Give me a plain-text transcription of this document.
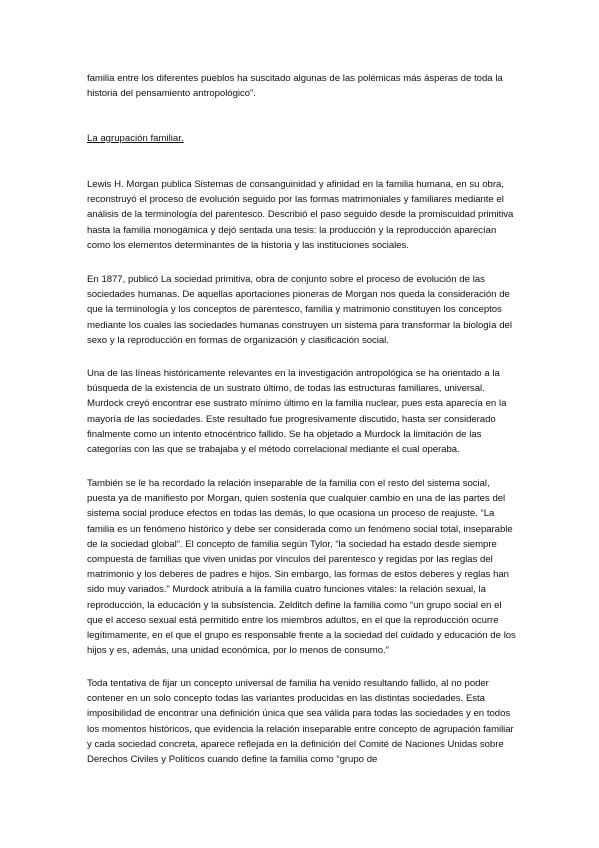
familia entre los diferentes pueblos ha suscitado algunas de las polémicas más ásperas de toda la historia del pensamiento antropológico”.

La agrupación familiar.

Lewis H. Morgan publica Sistemas de consanguinidad y afinidad en la familia humana, en su obra, reconstruyó el proceso de evolución seguido por las formas matrimoniales y familiares mediante el análisis de la terminología del parentesco. Describió el paso seguido desde la promiscuidad primitiva hasta la familia monogámica y dejó sentada una tesis: la producción y la reproducción aparecían como los elementos determinantes de la historia y las instituciones sociales.

En 1877, publicó La sociedad primitiva, obra de conjunto sobre el proceso de evolución de las sociedades humanas. De aquellas aportaciones pioneras de Morgan nos queda la consideración de que la terminología y los conceptos de parentesco, familia y matrimonio constituyen los conceptos mediante los cuales las sociedades humanas construyen un sistema para transformar la biología del sexo y la reproducción en formas de organización y clasificación social.

Una de las líneas históricamente relevantes en la investigación antropológica se ha orientado a la búsqueda de la existencia de un sustrato último, de todas las estructuras familiares, universal. Murdock creyó encontrar ese sustrato mínimo último en la familia nuclear, pues esta aparecía en la mayoría de las sociedades. Este resultado fue progresivamente discutido, hasta ser considerado finalmente como un intento etnocéntrico fallido. Se ha objetado a Murdock la limitación de las categorías con las que se trabajaba y el método correlacional mediante el cual operaba.

También se le ha recordado la relación inseparable de la familia con el resto del sistema social, puesta ya de manifiesto por Morgan, quien sostenía que cualquier cambio en una de las partes del sistema social produce efectos en todas las demás, lo que ocasiona un proceso de reajuste. “La familia es un fenómeno histórico y debe ser considerada como un fenómeno social total, inseparable de la sociedad global”. El concepto de familia según Tylor, “la sociedad ha estado desde siempre compuesta de familias que viven unidas por vínculos del parentesco y regidas por las reglas del matrimonio y los deberes de padres e hijos. Sin embargo, las formas de estos deberes y reglas han sido muy variados.” Murdock atribuía a la familia cuatro funciones vitales: la relación sexual, la reproducción, la educación y la subsistencia. Zelditch define la familia como “un grupo social en el que el acceso sexual está permitido entre los miembros adultos, en el que la reproducción ocurre legítimamente, en el que el grupo es responsable frente a la sociedad del cuidado y educación de los hijos y es, además, una unidad económica, por lo menos de consumo.”

Toda tentativa de fijar un concepto universal de familia ha venido resultando fallido, al no poder contener en un solo concepto todas las variantes producidas en las distintas sociedades. Esta imposibilidad de encontrar una definición única que sea válida para todas las sociedades y en todos los momentos históricos, que evidencia la relación inseparable entre concepto de agrupación familiar y cada sociedad concreta, aparece reflejada en la definición del Comité de Naciones Unidas sobre Derechos Civiles y Políticos cuando define la familia como “grupo de
